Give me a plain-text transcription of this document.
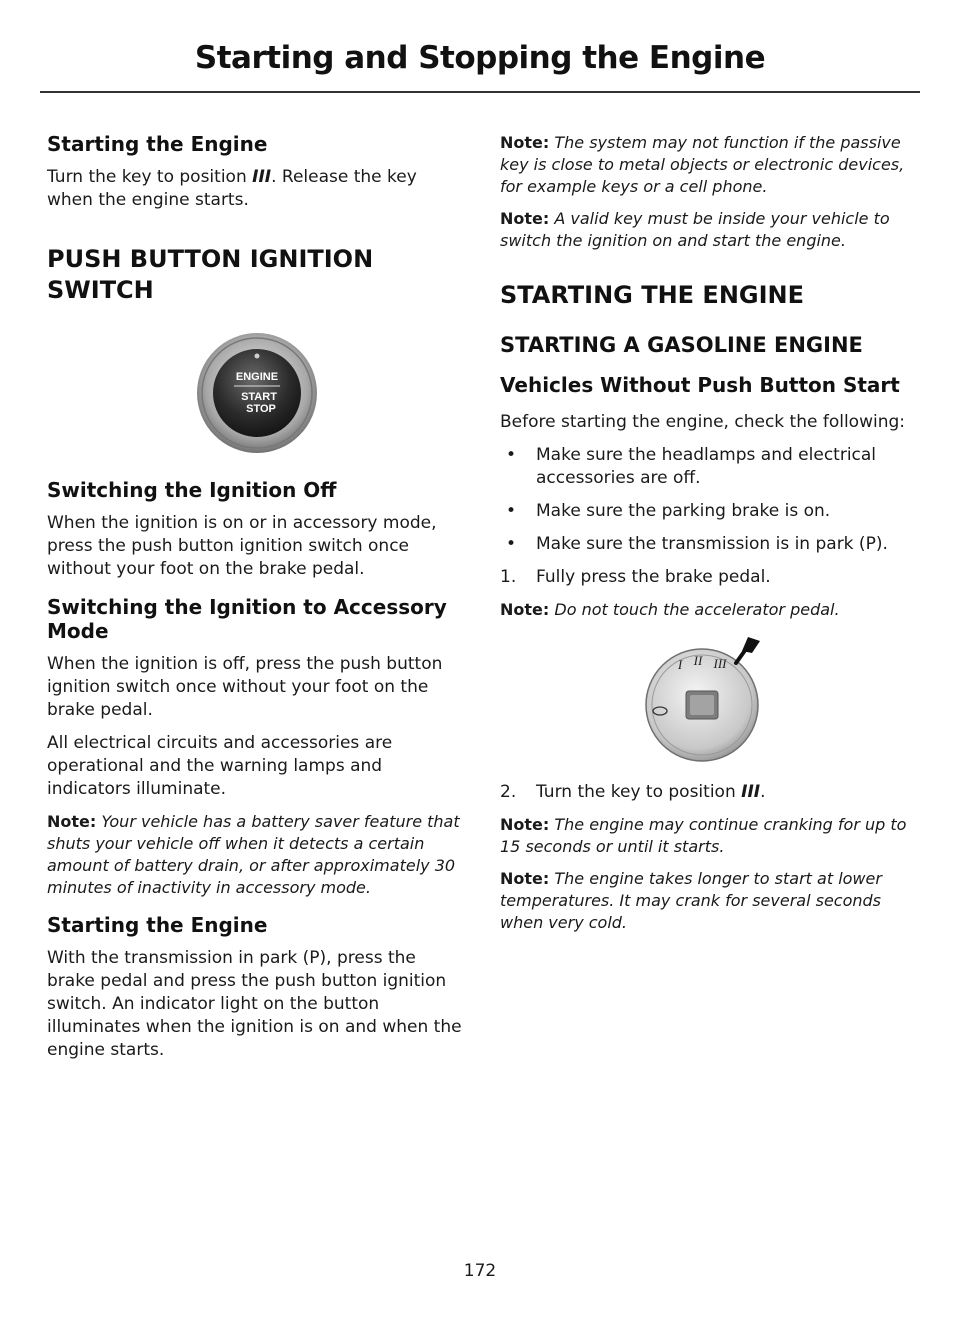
Starting and Stopping the Engine
Starting the Engine

Turn the key to position III. Release the key when the engine starts.

PUSH BUTTON IGNITION
SWITCH
ENGINE
START
STOP
Switching the Ignition Off

When the ignition is on or in accessory mode, press the push button ignition switch once without your foot on the brake pedal.

Switching the Ignition to Accessory Mode

When the ignition is off, press the push button ignition switch once without your foot on the brake pedal.

All electrical circuits and accessories are operational and the warning lamps and indicators illuminate.

Note: Your vehicle has a battery saver feature that shuts your vehicle off when it detects a certain amount of battery drain, or after approximately 30 minutes of inactivity in accessory mode.

Starting the Engine

With the transmission in park (P), press the brake pedal and press the push button ignition switch. An indicator light on the button illuminates when the ignition is on and when the engine starts.

Note: The system may not function if the passive key is close to metal objects or electronic devices, for example keys or a cell phone.

Note: A valid key must be inside your vehicle to switch the ignition on and start the engine.

STARTING THE ENGINE
STARTING A GASOLINE ENGINE
Vehicles Without Push Button Start

Before starting the engine, check the following:

• Make sure the headlamps and electrical accessories are off.
• Make sure the parking brake is on.
• Make sure the transmission is in park (P).
1. Fully press the brake pedal.

Note: Do not touch the accelerator pedal.

I II III
2. Turn the key to position III.

Note: The engine may continue cranking for up to 15 seconds or until it starts.

Note: The engine takes longer to start at lower temperatures. It may crank for several seconds when very cold.

172
